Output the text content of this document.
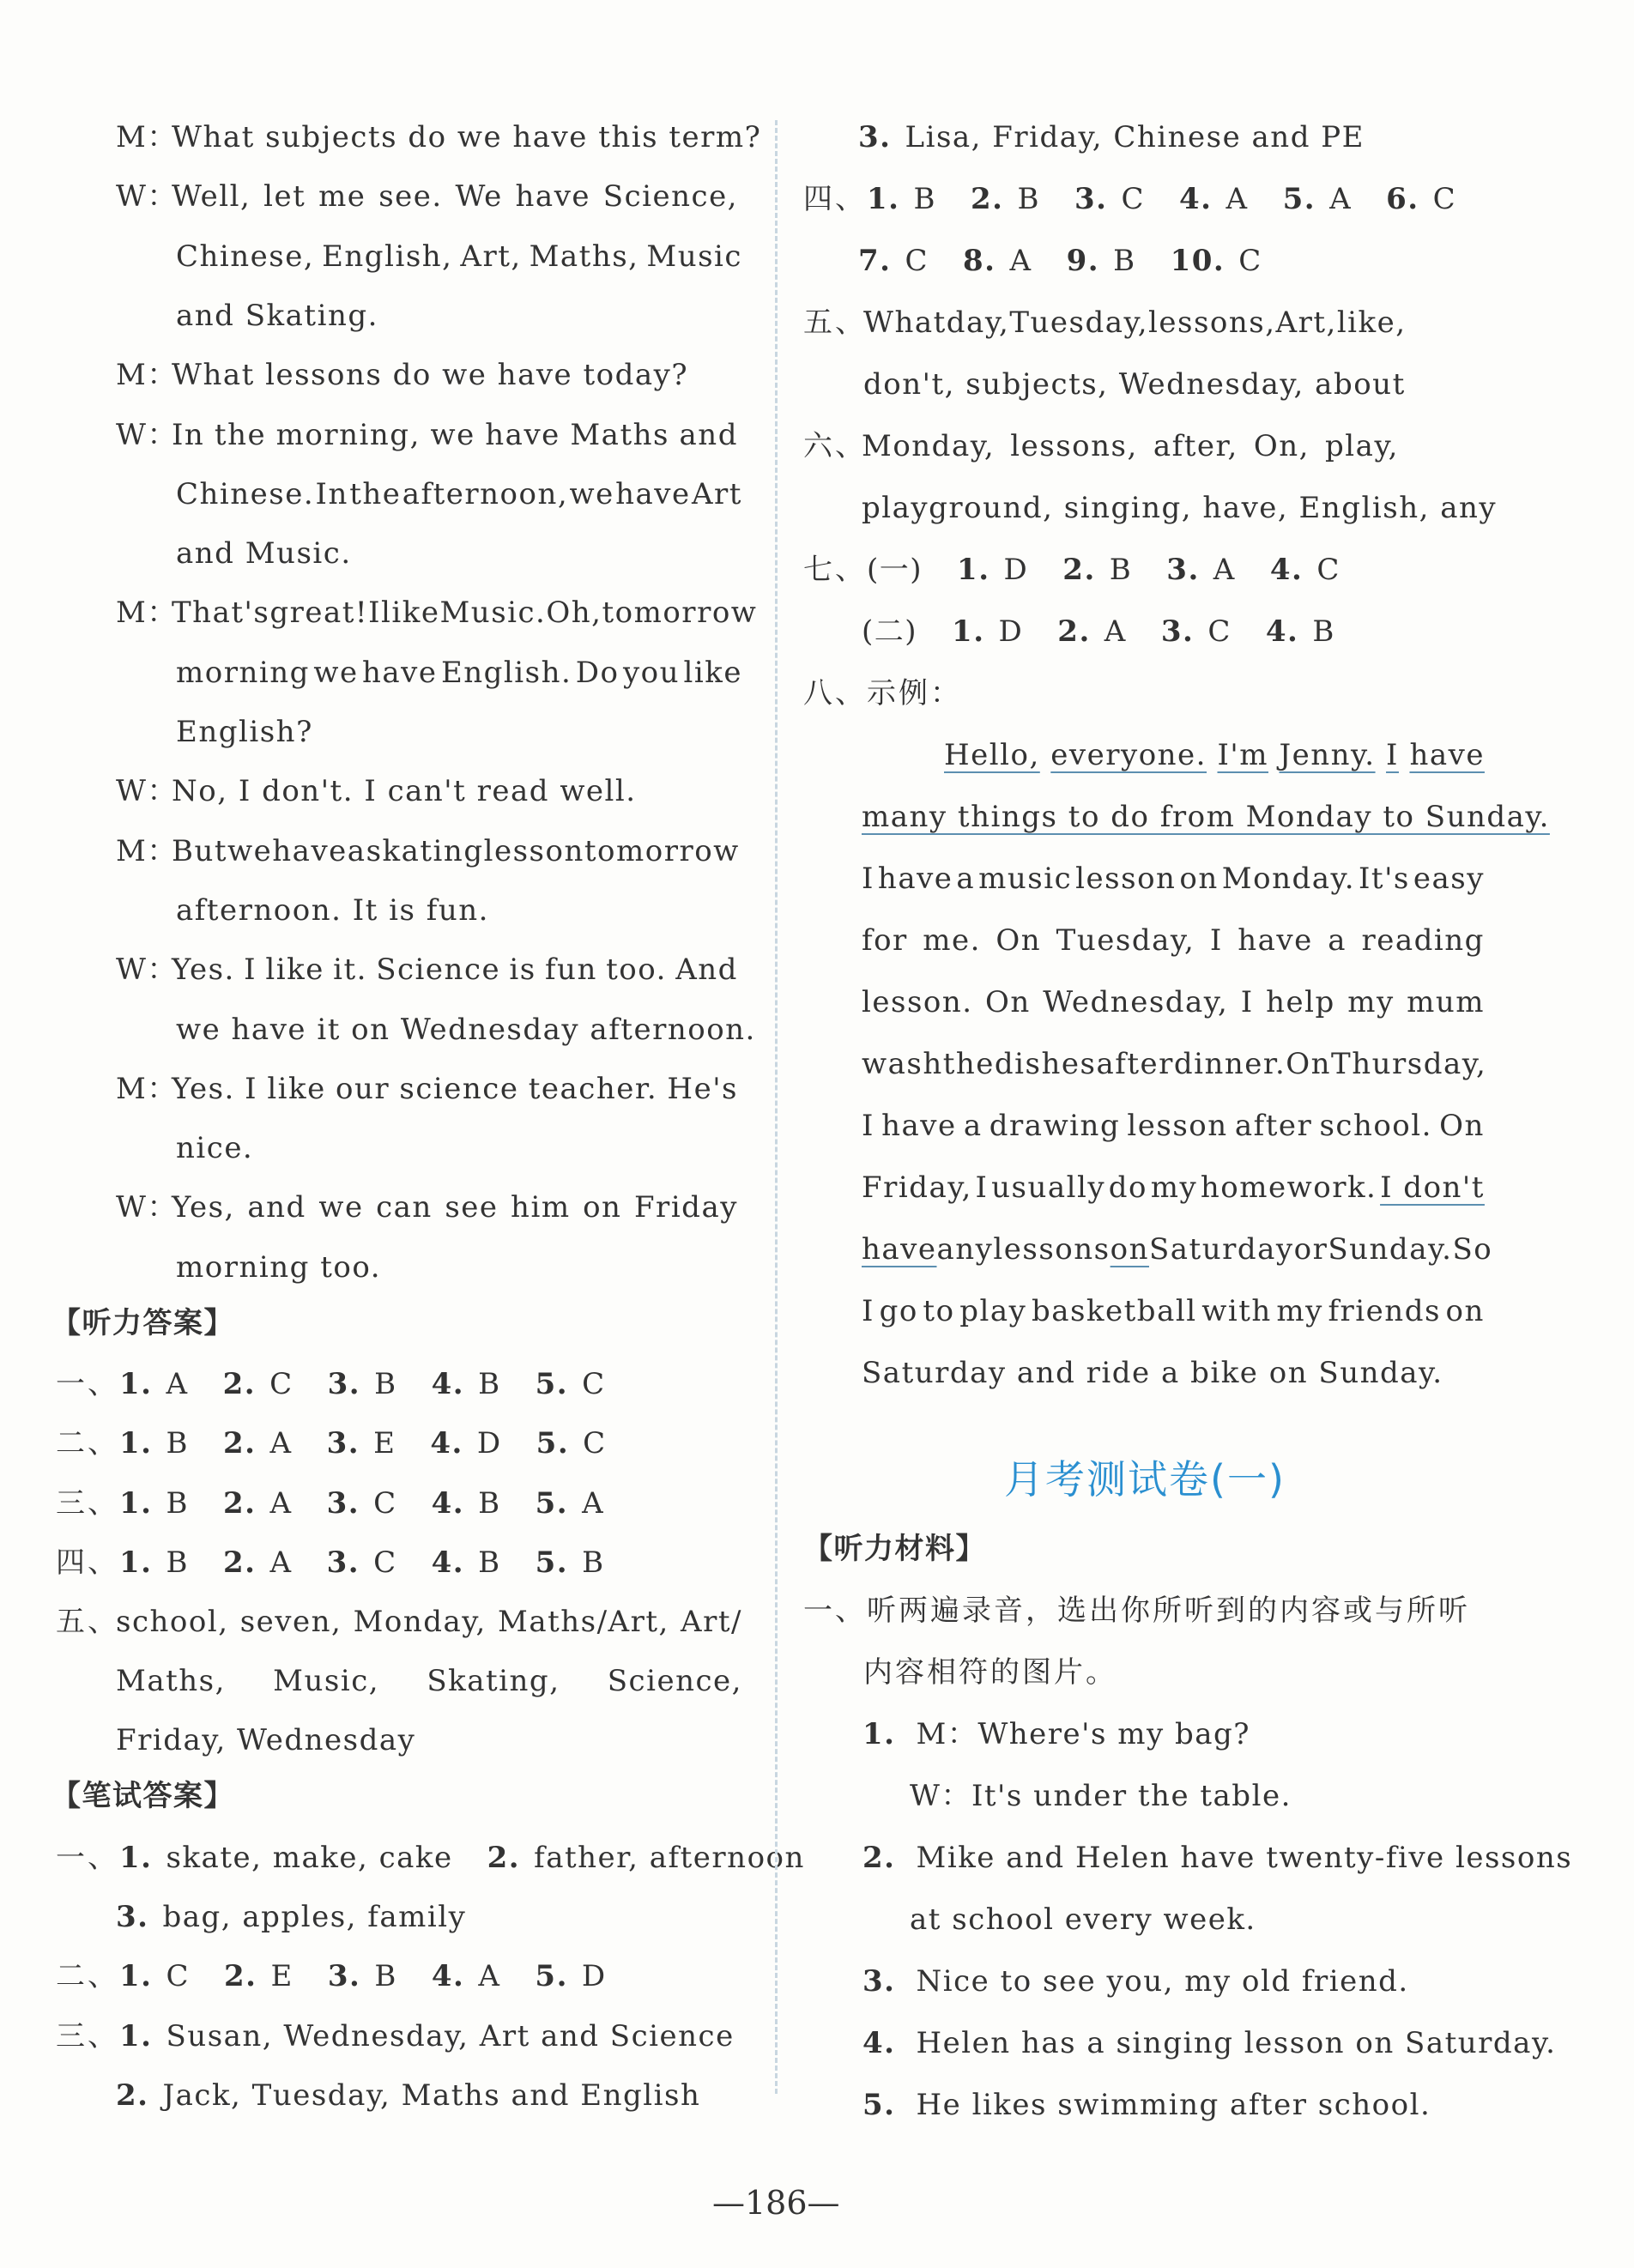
M：
What subjects do we have this term?
W：
Well, let me see. We have Science,
Chinese, English, Art, Maths, Music
and Skating.
M：
What lessons do we have today?
W：
In the morning, we have Maths and
Chinese. In the afternoon, we have Art
and Music.
M：
That's great! I like Music. Oh, tomorrow
morning we have English. Do you like
English?
W：
No, I don't. I can't read well.
M：
But we have a skating lesson tomorrow
afternoon. It is fun.
W：
Yes. I like it. Science is fun too. And
we have it on Wednesday afternoon.
M：
Yes. I like our science teacher. He's
nice.
W：
Yes, and we can see him on Friday
morning too.
【听力答案】
一、1. A 2. C 3. B 4. B 5. C
二、1. B 2. A 3. E 4. D 5. C
三、1. B 2. A 3. C 4. B 5. A
四、1. B 2. A 3. C 4. B 5. B
五、
school, seven, Monday, Maths/Art, Art/
Maths, Music, Skating, Science,
Friday, Wednesday
【笔试答案】
一、1. skate, make, cake 2. father, afternoon
3. bag, apples, family
二、1. C 2. E 3. B 4. A 5. D
三、1. Susan, Wednesday, Art and Science
2. Jack, Tuesday, Maths and English
3. Lisa, Friday, Chinese and PE
四、1. B 2. B 3. C 4. A 5. A 6. C
7. C 8. A 9. B 10. C
五、
What day, Tuesday, lessons, Art, like,
don't, subjects, Wednesday, about
六、
Monday, lessons, after, On, play,
playground, singing, have, English, any
七、(一) 1. D 2. B 3. A 4. C
(二) 1. D 2. A 3. C 4. B
八、示例：
Hello, everyone. I'm Jenny. I have
many things to do from Monday to Sunday.
I have a music lesson on Monday. It's easy
for me. On Tuesday, I have a reading
lesson. On Wednesday, I help my mum
wash the dishes after dinner. On Thursday,
I have a drawing lesson after school. On
Friday, I usually do my homework. I don't
have any lessons on Saturday or Sunday. So
I go to play basketball with my friends on
Saturday and ride a bike on Sunday.
【听力材料】
一、听两遍录音，选出你所听到的内容或与所听
内容相符的图片。
1. M：Where's my bag?
W：It's under the table.
2. Mike and Helen have twenty-five lessons
at school every week.
3. Nice to see you, my old friend.
4. Helen has a singing lesson on Saturday.
5. He likes swimming after school.
月考测试卷(一)
—186—
